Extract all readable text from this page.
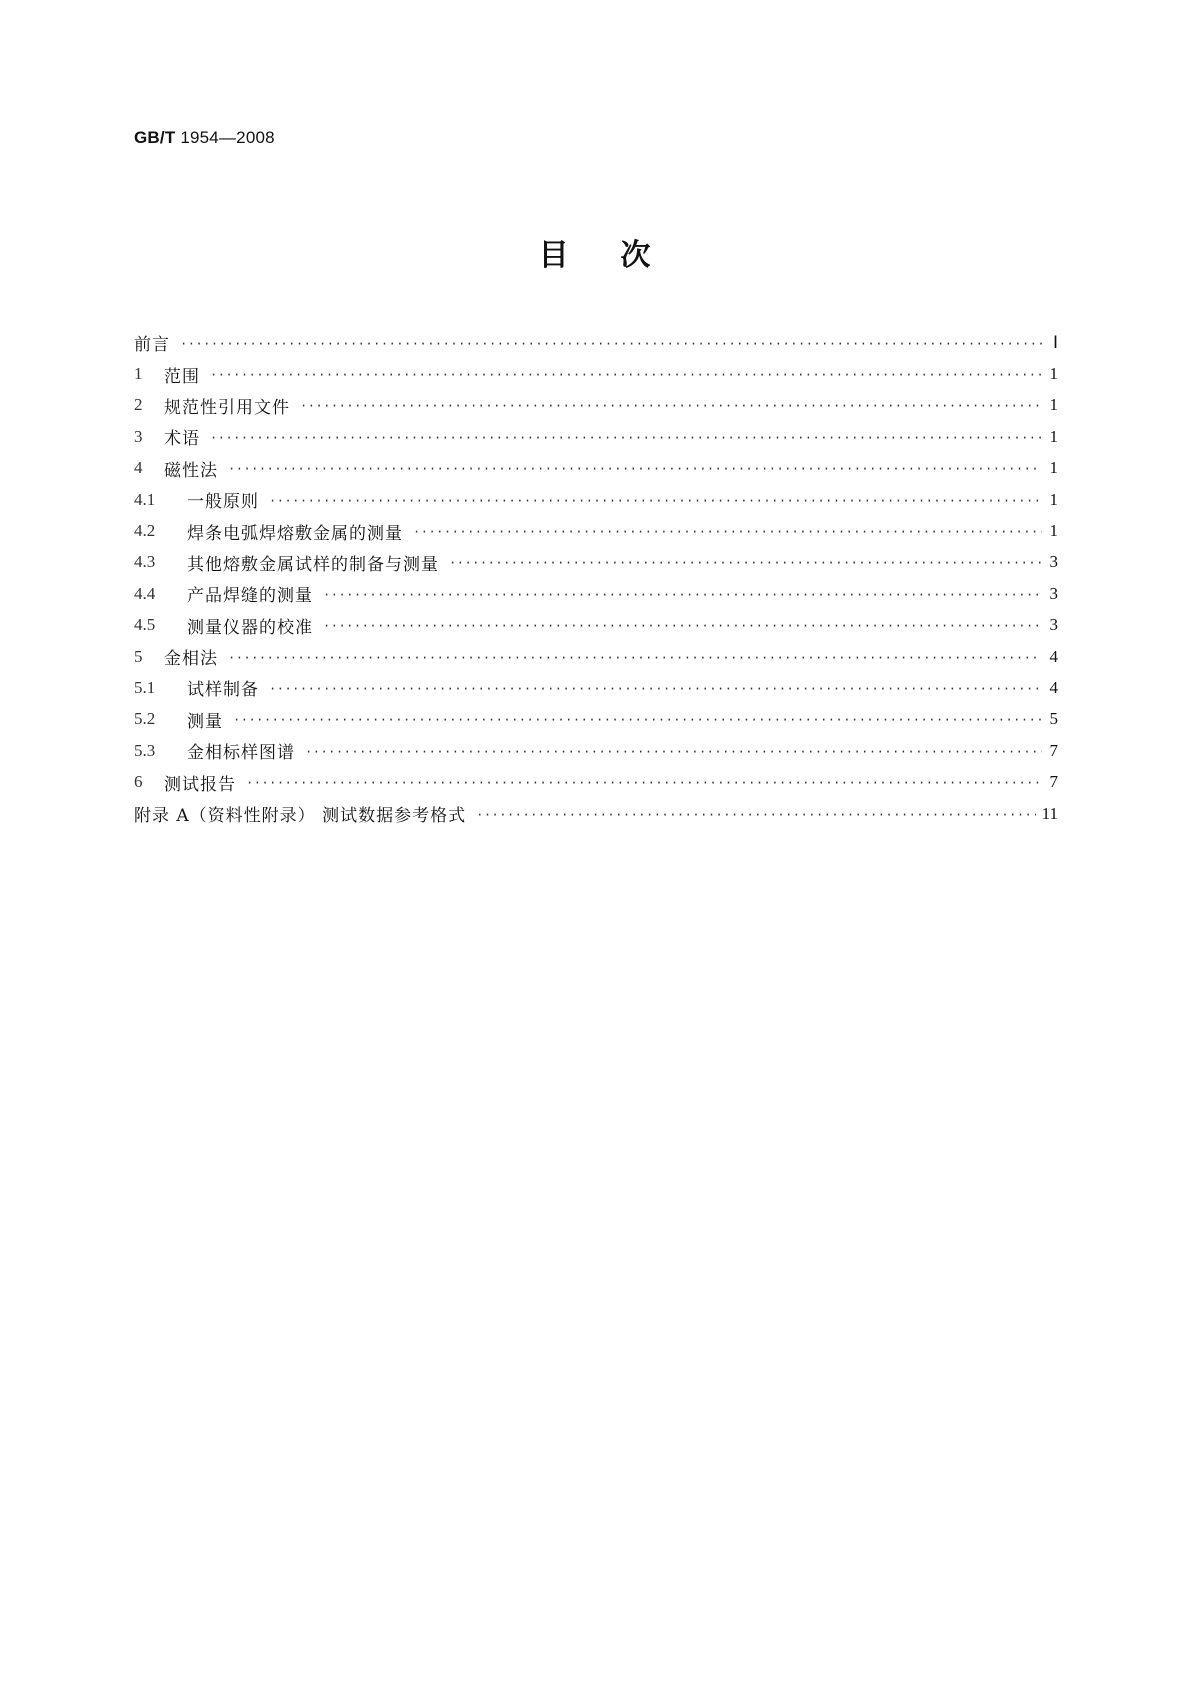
GB/T 1954—2008
目    次
前言 ·····	Ⅰ
1	范围 ·····	1
2	规范性引用文件 ·····	1
3	术语 ·····	1
4	磁性法 ·····	1
4.1	一般原则 ·····	1
4.2	焊条电弧焊熔敷金属的测量 ·····	1
4.3	其他熔敷金属试样的制备与测量 ·····	3
4.4	产品焊缝的测量 ·····	3
4.5	测量仪器的校准 ·····	3
5	金相法 ·····	4
5.1	试样制备 ·····	4
5.2	测量 ·····	5
5.3	金相标样图谱 ·····	7
6	测试报告 ·····	7
附录 A（资料性附录） 测试数据参考格式 ·····	11
